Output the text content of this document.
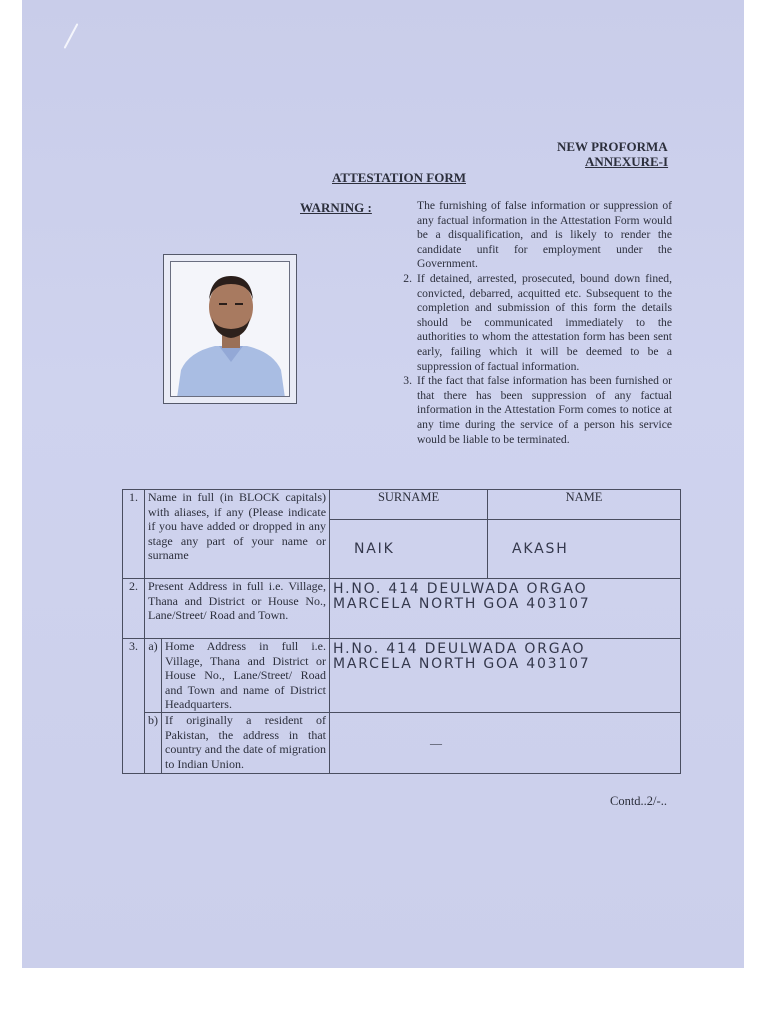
NEW PROFORMA
ANNEXURE-I
ATTESTATION FORM
WARNING :	The furnishing of false information or suppression of any factual information in the Attestation Form would be a disqualification, and is likely to render the candidate unfit for employment under the Government.
2. If detained, arrested, prosecuted, bound down fined, convicted, debarred, acquitted etc. Subsequent to the completion and submission of this form the details should be communicated immediately to the authorities to whom the attestation form has been sent early, failing which it will be deemed to be a suppression of factual information.
3. If the fact that false information has been furnished or that there has been suppression of any factual information in the Attestation Form comes to notice at any time during the service of a person his service would be liable to be terminated.
1.	Name in full (in BLOCK capitals) with aliases, if any (Please indicate if you have added or dropped in any stage any part of your name or surname		SURNAME	NAME
			NAIK	AKASH
2.	Present Address in full i.e. Village, Thana and District or House No., Lane/Street/ Road and Town.		H.NO. 414 DEULWADA ORGAO
MARCELA NORTH GOA 403107	

3.	a)	Home Address in full i.e. Village, Thana and District or House No., Lane/Street/ Road and Town and name of District Headquarters.	H.No. 414 DEULWADA ORGAO
MARCELA NORTH GOA 403107	

	b)	If originally a resident of Pakistan, the address in that country and the date of migration to Indian Union.	—	
Contd..2/-..
